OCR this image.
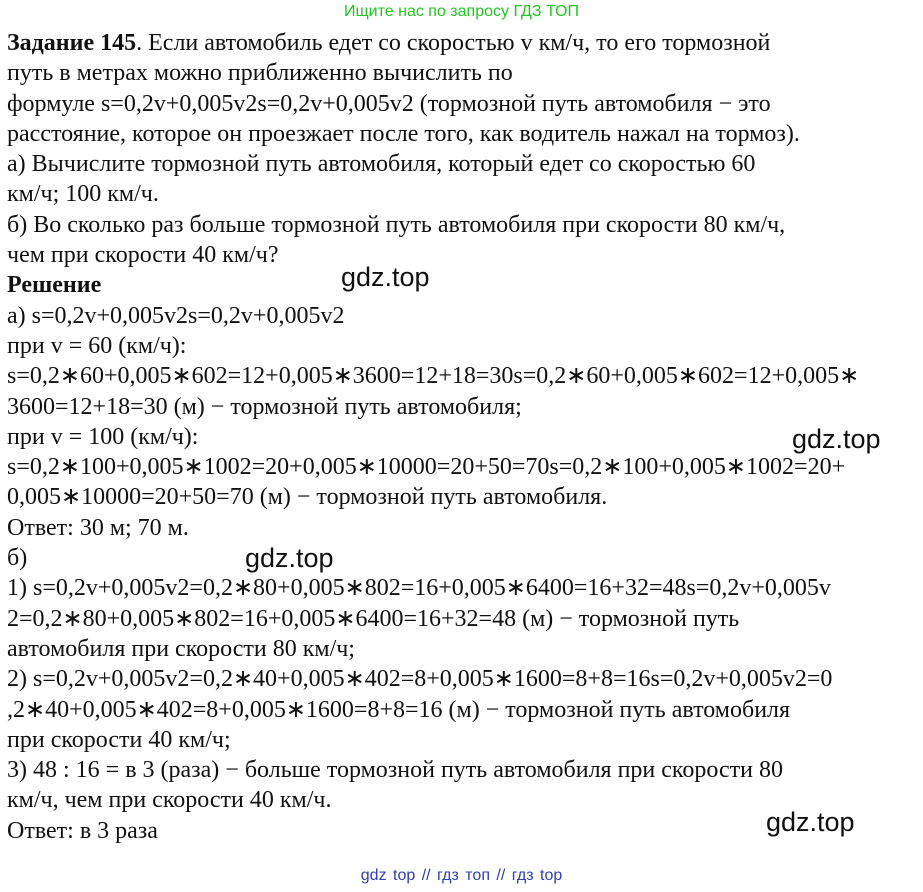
Ищите нас по запросу ГДЗ ТОП
Задание 145. Если автомобиль едет со скоростью v км/ч, то его тормозной
путь в метрах можно приближенно вычислить по
формуле s=0,2v+0,005v2s=0,2v+0,005v2 (тормозной путь автомобиля − это
расстояние, которое он проезжает после того, как водитель нажал на тормоз).
а) Вычислите тормозной путь автомобиля, который едет со скоростью 60
км/ч; 100 км/ч.
б) Во сколько раз больше тормозной путь автомобиля при скорости 80 км/ч,
чем при скорости 40 км/ч?
Решение
а) s=0,2v+0,005v2s=0,2v+0,005v2
при v = 60 (км/ч):
s=0,2∗60+0,005∗602=12+0,005∗3600=12+18=30s=0,2∗60+0,005∗602=12+0,005∗
3600=12+18=30 (м) − тормозной путь автомобиля;
при v = 100 (км/ч):
s=0,2∗100+0,005∗1002=20+0,005∗10000=20+50=70s=0,2∗100+0,005∗1002=20+
0,005∗10000=20+50=70 (м) − тормозной путь автомобиля.
Ответ: 30 м; 70 м.
б)
1) s=0,2v+0,005v2=0,2∗80+0,005∗802=16+0,005∗6400=16+32=48s=0,2v+0,005v
2=0,2∗80+0,005∗802=16+0,005∗6400=16+32=48 (м) − тормозной путь
автомобиля при скорости 80 км/ч;
2) s=0,2v+0,005v2=0,2∗40+0,005∗402=8+0,005∗1600=8+8=16s=0,2v+0,005v2=0
,2∗40+0,005∗402=8+0,005∗1600=8+8=16 (м) − тормозной путь автомобиля
при скорости 40 км/ч;
3) 48 : 16 = в 3 (раза) − больше тормозной путь автомобиля при скорости 80
км/ч, чем при скорости 40 км/ч.
Ответ: в 3 раза
gdz.top
gdz.top
gdz.top
gdz.top
gdz top // гдз топ // гдз top
